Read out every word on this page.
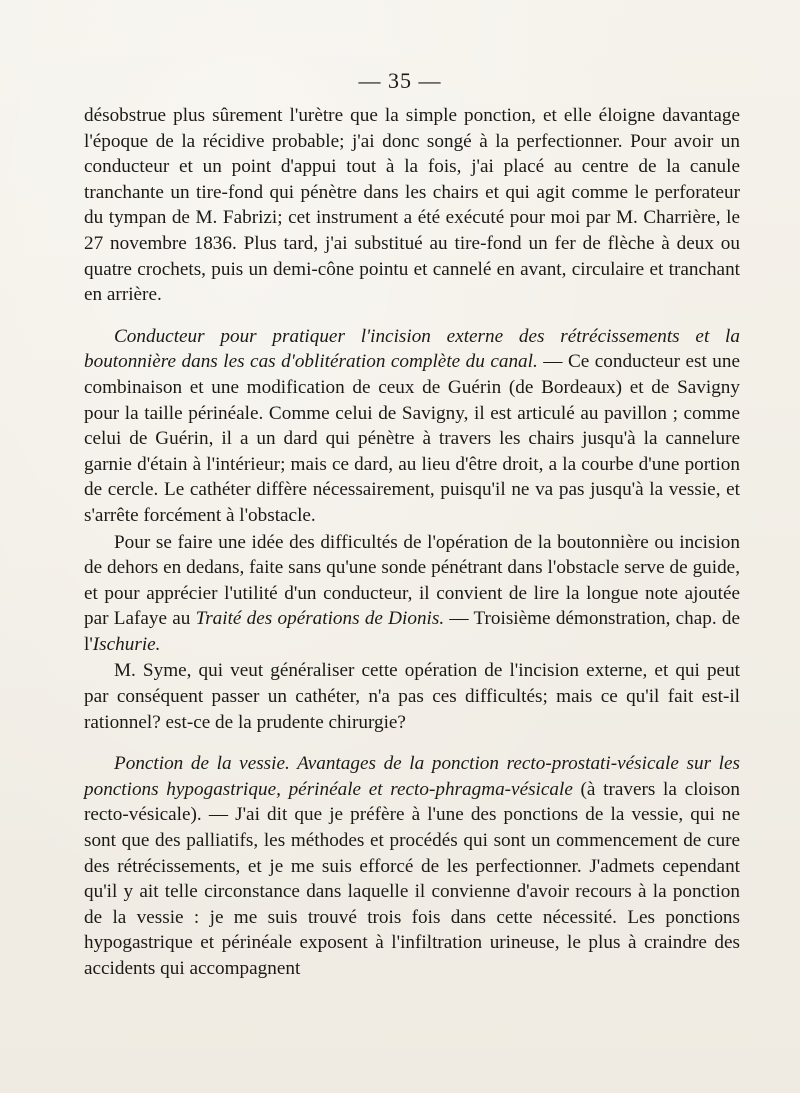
— 35 —

désobstrue plus sûrement l'urètre que la simple ponction, et elle éloigne davantage l'époque de la récidive probable; j'ai donc songé à la perfectionner. Pour avoir un conducteur et un point d'appui tout à la fois, j'ai placé au centre de la canule tranchante un tire-fond qui pénètre dans les chairs et qui agit comme le perforateur du tympan de M. Fabrizi; cet instrument a été exécuté pour moi par M. Charrière, le 27 novembre 1836. Plus tard, j'ai substitué au tire-fond un fer de flèche à deux ou quatre crochets, puis un demi-cône pointu et cannelé en avant, circulaire et tranchant en arrière.

Conducteur pour pratiquer l'incision externe des rétrécissements et la boutonnière dans les cas d'oblitération complète du canal. — Ce conducteur est une combinaison et une modification de ceux de Guérin (de Bordeaux) et de Savigny pour la taille périnéale. Comme celui de Savigny, il est articulé au pavillon ; comme celui de Guérin, il a un dard qui pénètre à travers les chairs jusqu'à la cannelure garnie d'étain à l'intérieur; mais ce dard, au lieu d'être droit, a la courbe d'une portion de cercle. Le cathéter diffère nécessairement, puisqu'il ne va pas jusqu'à la vessie, et s'arrête forcément à l'obstacle.

Pour se faire une idée des difficultés de l'opération de la boutonnière ou incision de dehors en dedans, faite sans qu'une sonde pénétrant dans l'obstacle serve de guide, et pour apprécier l'utilité d'un conducteur, il convient de lire la longue note ajoutée par Lafaye au Traité des opérations de Dionis. — Troisième démonstration, chap. de l'Ischurie.

M. Syme, qui veut généraliser cette opération de l'incision externe, et qui peut par conséquent passer un cathéter, n'a pas ces difficultés; mais ce qu'il fait est-il rationnel? est-ce de la prudente chirurgie?

Ponction de la vessie. Avantages de la ponction recto-prostati-vésicale sur les ponctions hypogastrique, périnéale et recto-phragma-vésicale (à travers la cloison recto-vésicale). — J'ai dit que je préfère à l'une des ponctions de la vessie, qui ne sont que des palliatifs, les méthodes et procédés qui sont un commencement de cure des rétrécissements, et je me suis efforcé de les perfectionner. J'admets cependant qu'il y ait telle circonstance dans laquelle il convienne d'avoir recours à la ponction de la vessie : je me suis trouvé trois fois dans cette nécessité. Les ponctions hypogastrique et périnéale exposent à l'infiltration urineuse, le plus à craindre des accidents qui accompagnent
